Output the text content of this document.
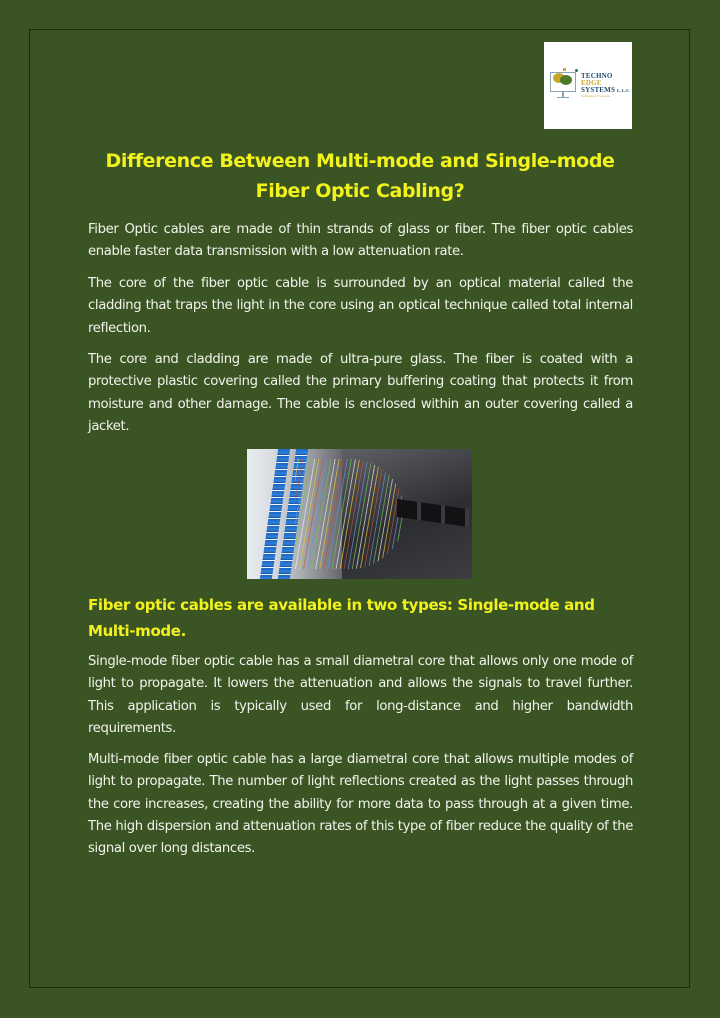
TECHNO
EDGE
SYSTEMS L.L.C
Technology for Tomorrow
Difference Between Multi-mode and Single-mode
Fiber Optic Cabling?

Fiber Optic cables are made of thin strands of glass or fiber. The fiber optic cables enable faster data transmission with a low attenuation rate.

The core of the fiber optic cable is surrounded by an optical material called the cladding that traps the light in the core using an optical technique called total internal reflection.

The core and cladding are made of ultra-pure glass. The fiber is coated with a protective plastic covering called the primary buffering coating that protects it from moisture and other damage. The cable is enclosed within an outer covering called a jacket.

Fiber optic cables are available in two types: Single-mode and Multi-mode.

Single-mode fiber optic cable has a small diametral core that allows only one mode of light to propagate. It lowers the attenuation and allows the signals to travel further. This application is typically used for long-distance and higher bandwidth requirements.

Multi-mode fiber optic cable has a large diametral core that allows multiple modes of light to propagate. The number of light reflections created as the light passes through the core increases, creating the ability for more data to pass through at a given time. The high dispersion and attenuation rates of this type of fiber reduce the quality of the signal over long distances.
